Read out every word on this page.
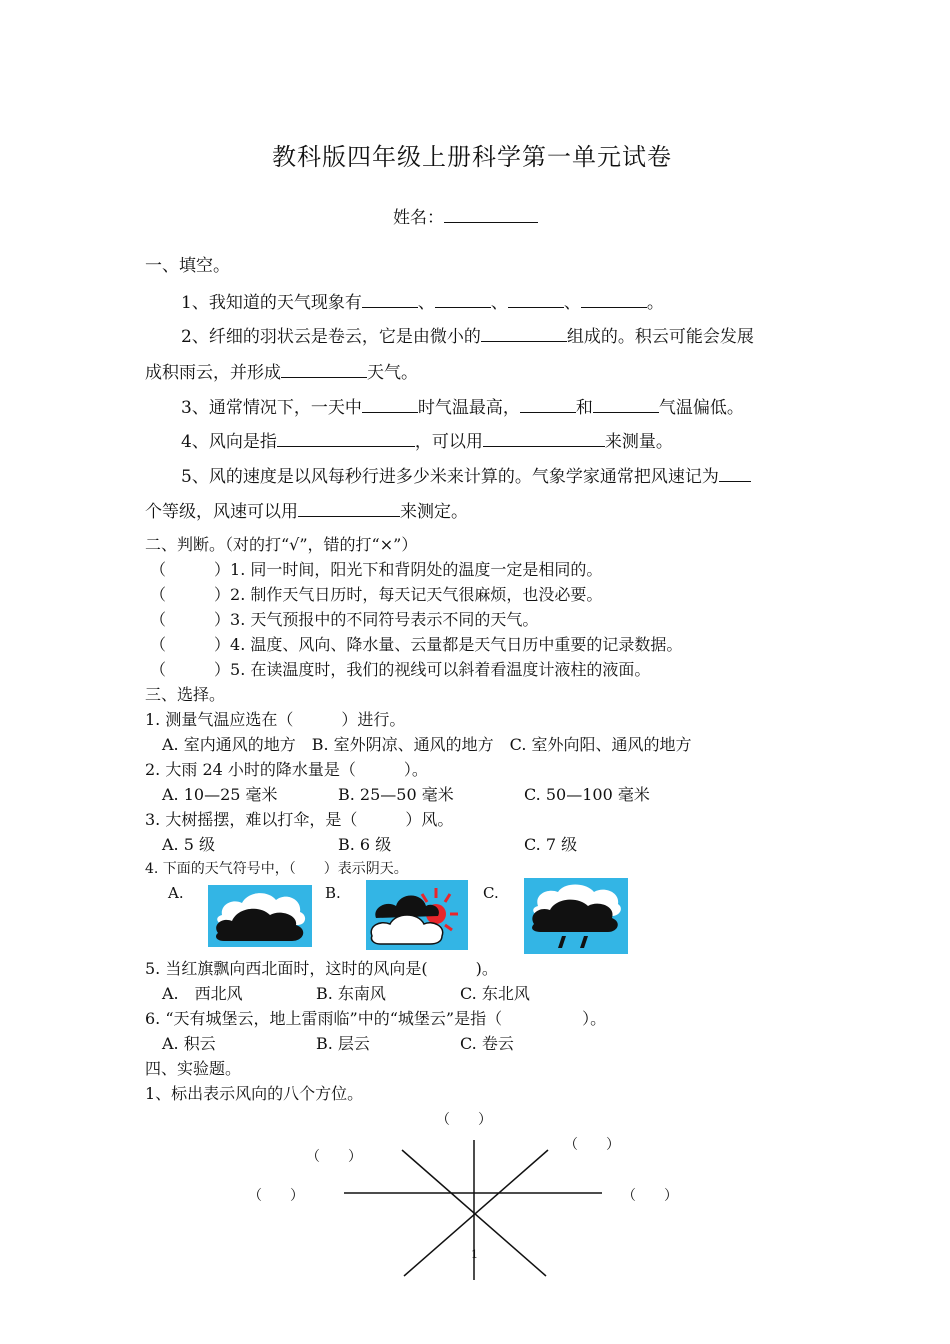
教科版四年级上册科学第一单元试卷
姓名：
一、填空。
1、我知道的天气现象有	、	、	、	。
2、纤细的羽状云是卷云，它是由微小的	组成的。积云可能会发展
成积雨云，并形成	天气。
3、通常情况下，一天中	时气温最高，	和	气温偏低。
4、风向是指	，可以用	来测量。
5、风的速度是以风每秒行进多少米来计算的。气象学家通常把风速记为
个等级，风速可以用	来测定。
二、判断。（对的打“√”，错的打“×”）
（　　　）1. 同一时间，阳光下和背阴处的温度一定是相同的。
（　　　）2. 制作天气日历时，每天记天气很麻烦，也没必要。
（　　　）3. 天气预报中的不同符号表示不同的天气。
（　　　）4. 温度、风向、降水量、云量都是天气日历中重要的记录数据。
（　　　）5. 在读温度时，我们的视线可以斜着看温度计液柱的液面。
三、选择。
1. 测量气温应选在（　　　）进行。
A. 室内通风的地方　B. 室外阴凉、通风的地方　C. 室外向阳、通风的地方
2. 大雨 24 小时的降水量是（　　　）。
A. 10—25 毫米	B. 25—50 毫米	C. 50—100 毫米
3. 大树摇摆，难以打伞，是（　　　）风。
A. 5 级	B. 6 级	C. 7 级
4. 下面的天气符号中，（　　）表示阴天。
A.	B.	C.
5. 当红旗飘向西北面时，这时的风向是(　　　)。
A.　西北风	B. 东南风	C. 东北风
6. “天有城堡云，地上雷雨临”中的“城堡云”是指（　　　　　）。
A. 积云	B. 层云	C. 卷云
四、实验题。
1、标出表示风向的八个方位。
（　　）
（　　）
（　　）
（　　）	（　　）
1
